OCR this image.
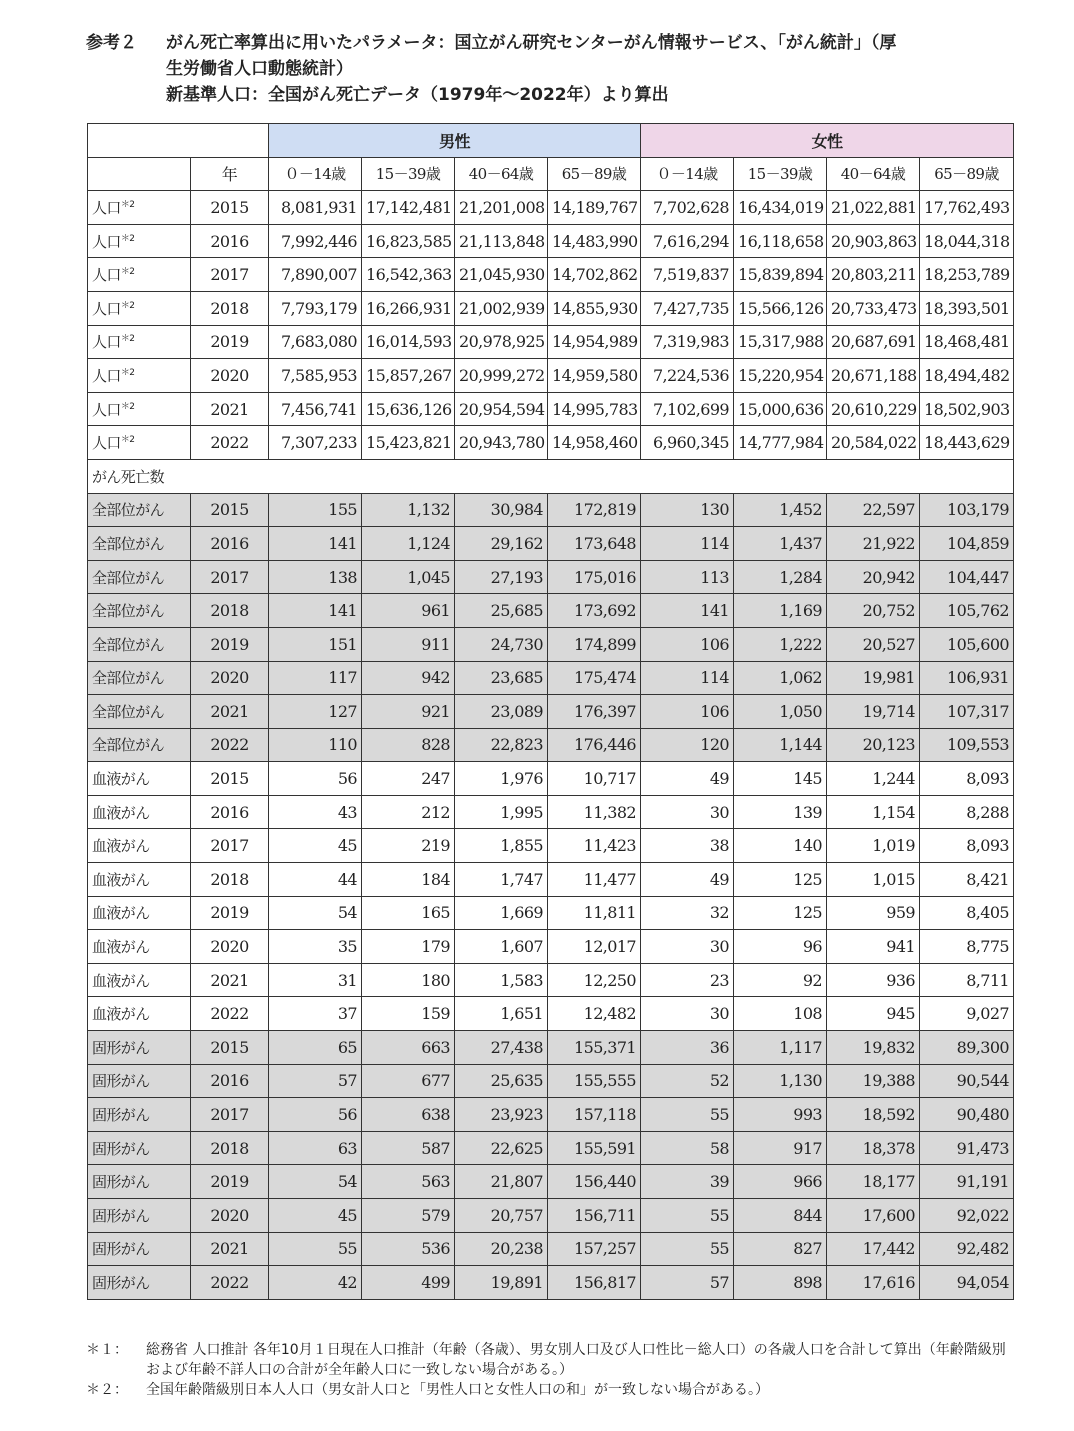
参考２ がん死亡率算出に用いたパラメータ：国立がん研究センターがん情報サービス、「がん統計」（厚
生労働省人口動態統計）
新基準人口：全国がん死亡データ（1979年〜2022年）より算出
		男性				女性			
	年	０－14歳	15－39歳	40－64歳	65－89歳	０－14歳	15－39歳	40－64歳	65－89歳
人口$^{*2}$	2015	8,081,931	17,142,481	21,201,008	14,189,767	7,702,628	16,434,019	21,022,881	17,762,493
人口$^{*2}$	2016	7,992,446	16,823,585	21,113,848	14,483,990	7,616,294	16,118,658	20,903,863	18,044,318
人口$^{*2}$	2017	7,890,007	16,542,363	21,045,930	14,702,862	7,519,837	15,839,894	20,803,211	18,253,789
人口$^{*2}$	2018	7,793,179	16,266,931	21,002,939	14,855,930	7,427,735	15,566,126	20,733,473	18,393,501
人口$^{*2}$	2019	7,683,080	16,014,593	20,978,925	14,954,989	7,319,983	15,317,988	20,687,691	18,468,481
人口$^{*2}$	2020	7,585,953	15,857,267	20,999,272	14,959,580	7,224,536	15,220,954	20,671,188	18,494,482
人口$^{*2}$	2021	7,456,741	15,636,126	20,954,594	14,995,783	7,102,699	15,000,636	20,610,229	18,502,903
人口$^{*2}$	2022	7,307,233	15,423,821	20,943,780	14,958,460	6,960,345	14,777,984	20,584,022	18,443,629
がん死亡数									
全部位がん	2015	155	1,132	30,984	172,819	130	1,452	22,597	103,179
全部位がん	2016	141	1,124	29,162	173,648	114	1,437	21,922	104,859
全部位がん	2017	138	1,045	27,193	175,016	113	1,284	20,942	104,447
全部位がん	2018	141	961	25,685	173,692	141	1,169	20,752	105,762
全部位がん	2019	151	911	24,730	174,899	106	1,222	20,527	105,600
全部位がん	2020	117	942	23,685	175,474	114	1,062	19,981	106,931
全部位がん	2021	127	921	23,089	176,397	106	1,050	19,714	107,317
全部位がん	2022	110	828	22,823	176,446	120	1,144	20,123	109,553
血液がん	2015	56	247	1,976	10,717	49	145	1,244	8,093
血液がん	2016	43	212	1,995	11,382	30	139	1,154	8,288
血液がん	2017	45	219	1,855	11,423	38	140	1,019	8,093
血液がん	2018	44	184	1,747	11,477	49	125	1,015	8,421
血液がん	2019	54	165	1,669	11,811	32	125	959	8,405
血液がん	2020	35	179	1,607	12,017	30	96	941	8,775
血液がん	2021	31	180	1,583	12,250	23	92	936	8,711
血液がん	2022	37	159	1,651	12,482	30	108	945	9,027
固形がん	2015	65	663	27,438	155,371	36	1,117	19,832	89,300
固形がん	2016	57	677	25,635	155,555	52	1,130	19,388	90,544
固形がん	2017	56	638	23,923	157,118	55	993	18,592	90,480
固形がん	2018	63	587	22,625	155,591	58	917	18,378	91,473
固形がん	2019	54	563	21,807	156,440	39	966	18,177	91,191
固形がん	2020	45	579	20,757	156,711	55	844	17,600	92,022
固形がん	2021	55	536	20,238	157,257	55	827	17,442	92,482
固形がん	2022	42	499	19,891	156,817	57	898	17,616	94,054
＊１：	総務省 人口推計 各年10月１日現在人口推計（年齢（各歳）、男女別人口及び人口性比－総人口）の各歳人口を合計して算出（年齢階級別および年齢不詳人口の合計が全年齢人口に一致しない場合がある。）
＊２：	全国年齢階級別日本人人口（男女計人口と「男性人口と女性人口の和」が一致しない場合がある。）
